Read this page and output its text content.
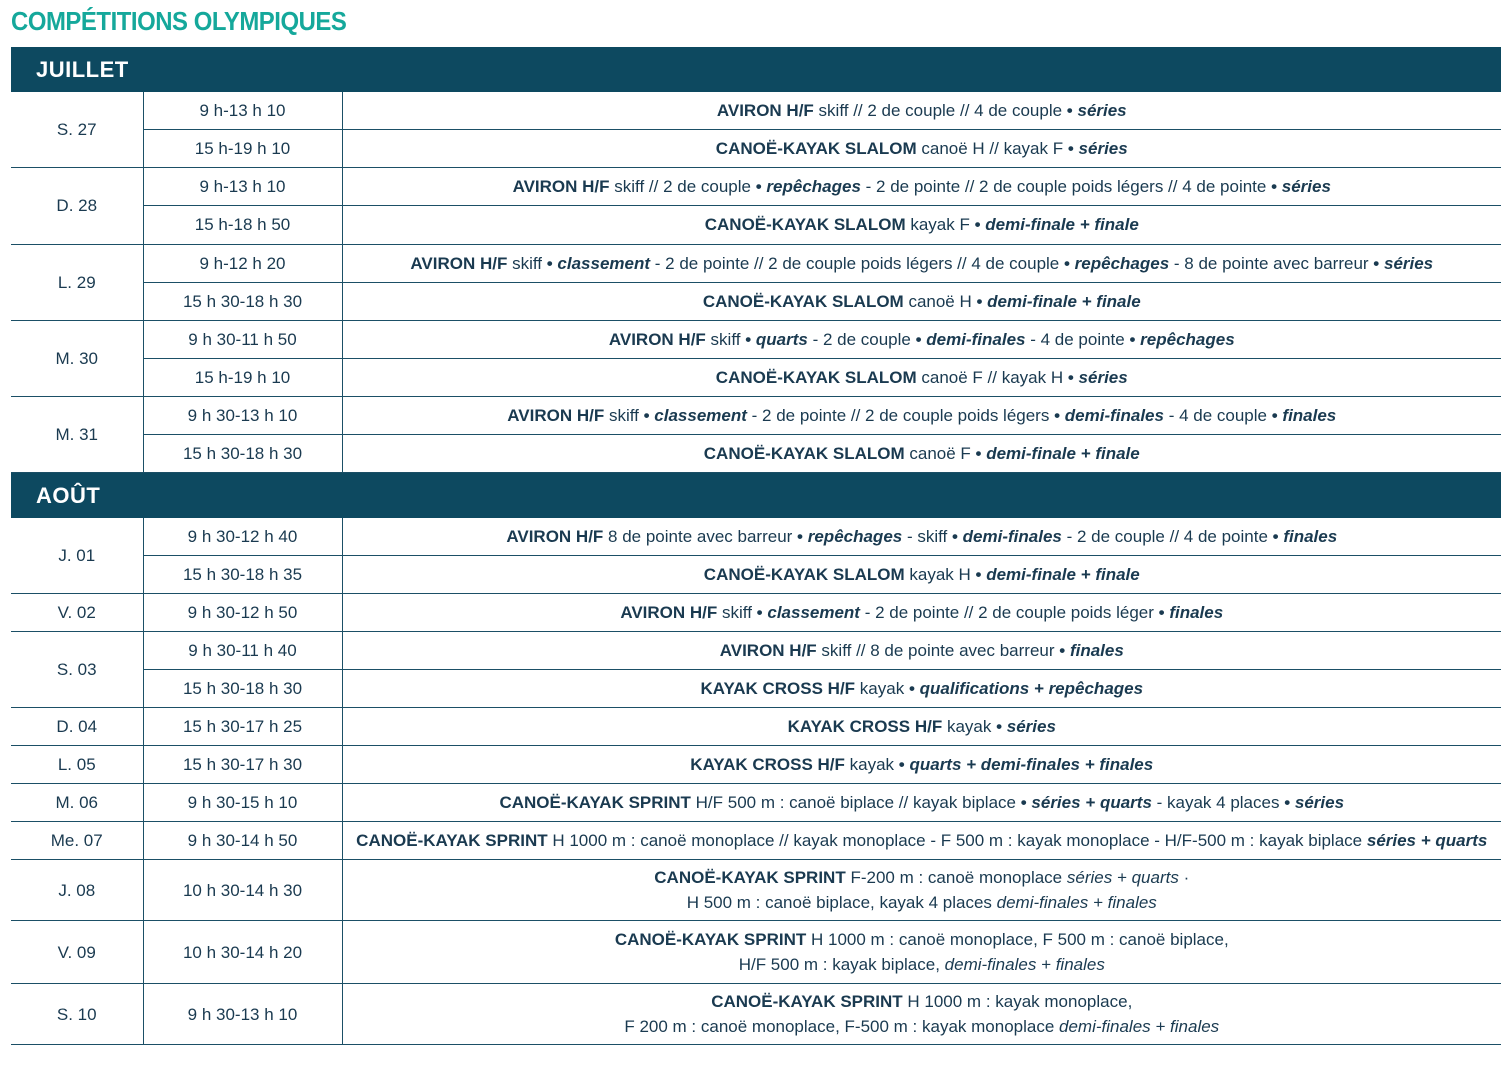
COMPÉTITIONS OLYMPIQUES
JUILLET		
S. 27	9 h-13 h 10	AVIRON H/F skiff // 2 de couple // 4 de couple • séries

	15 h-19 h 10	CANOË-KAYAK SLALOM canoë H // kayak F • séries

D. 28	9 h-13 h 10	AVIRON H/F skiff // 2 de couple • repêchages - 2 de pointe // 2 de couple poids légers // 4 de pointe • séries

	15 h-18 h 50	CANOË-KAYAK SLALOM kayak F • demi-finale + finale

L. 29	9 h-12 h 20	AVIRON H/F skiff • classement - 2 de pointe // 2 de couple poids légers // 4 de couple • repêchages - 8 de pointe avec barreur • séries

	15 h 30-18 h 30	CANOË-KAYAK SLALOM canoë H • demi-finale + finale

M. 30	9 h 30-11 h 50	AVIRON H/F skiff • quarts - 2 de couple • demi-finales - 4 de pointe • repêchages

	15 h-19 h 10	CANOË-KAYAK SLALOM canoë F // kayak H • séries

M. 31	9 h 30-13 h 10	AVIRON H/F skiff • classement - 2 de pointe // 2 de couple poids légers • demi-finales - 4 de couple • finales

	15 h 30-18 h 30	CANOË-KAYAK SLALOM canoë F • demi-finale + finale

AOÛT		
J. 01	9 h 30-12 h 40	AVIRON H/F 8 de pointe avec barreur • repêchages - skiff • demi-finales - 2 de couple // 4 de pointe • finales

	15 h 30-18 h 35	CANOË-KAYAK SLALOM kayak H • demi-finale + finale

V. 02	9 h 30-12 h 50	AVIRON H/F skiff • classement - 2 de pointe // 2 de couple poids léger • finales

S. 03	9 h 30-11 h 40	AVIRON H/F skiff // 8 de pointe avec barreur • finales

	15 h 30-18 h 30	KAYAK CROSS H/F kayak • qualifications + repêchages

D. 04	15 h 30-17 h 25	KAYAK CROSS H/F kayak • séries

L. 05	15 h 30-17 h 30	KAYAK CROSS H/F kayak • quarts + demi-finales + finales

M. 06	9 h 30-15 h 10	CANOË-KAYAK SPRINT H/F 500 m : canoë biplace // kayak biplace • séries + quarts - kayak 4 places • séries

Me. 07	9 h 30-14 h 50	CANOË-KAYAK SPRINT H 1000 m : canoë monoplace // kayak monoplace - F 500 m : kayak monoplace - H/F-500 m : kayak biplace séries + quarts

J. 08	10 h 30-14 h 30	CANOË-KAYAK SPRINT F-200 m : canoë monoplace séries + quarts ·
H 500 m : canoë biplace, kayak 4 places demi-finales + finales

V. 09	10 h 30-14 h 20	CANOË-KAYAK SPRINT H 1000 m : canoë monoplace, F 500 m : canoë biplace,
H/F 500 m : kayak biplace, demi-finales + finales

S. 10	9 h 30-13 h 10	CANOË-KAYAK SPRINT H 1000 m : kayak monoplace,
F 200 m : canoë monoplace, F-500 m : kayak monoplace demi-finales + finales
